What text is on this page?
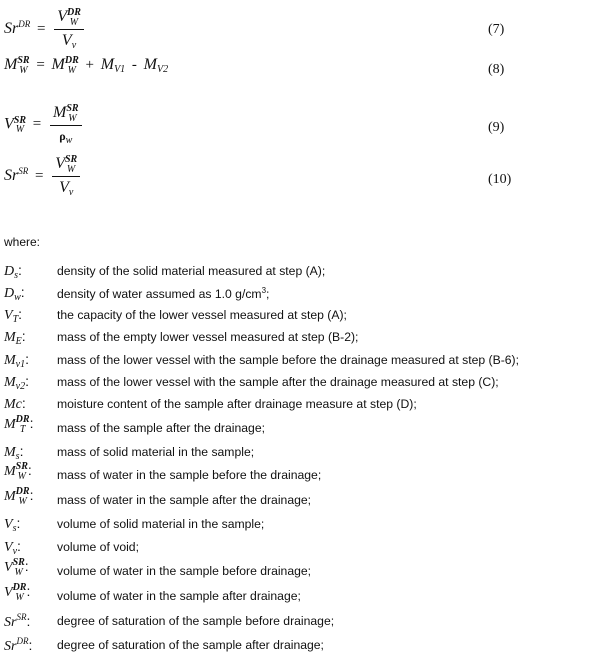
$Sr^{DR} = V$ DR
W
$V_v$	(7)
M SR
W = M DR
$W + M_{V1} - M_{V2}$	(8)
V SR
W = M SR
W
$\rho_w$	(9)
$Sr^{SR} = V$ SR
W
$V_v$	(10)
where:
$D_s$:	density of the solid material measured at step (A);
$D_w$:	density of water assumed as 1.0 $g/cm^3$;
$V_T$:	the capacity of the lower vessel measured at step (A);
$M_E$:	mass of the empty lower vessel measured at step (B-2);
$M_{v1}$: mass of the lower vessel with the sample before the drainage measured at step (B-6);
$M_{v2}$: mass of the lower vessel with the sample after the drainage measured at step (C);
Mc:	moisture content of the sample after drainage measure at step (D);
M DR
T : mass of the sample after the drainage;
$M_s$:	mass of solid material in the sample;
M SR
W : mass of water in the sample before the drainage;
M DR
W : mass of water in the sample after the drainage;
$V_s$:	volume of solid material in the sample;
$V_v$:	volume of void;
V SR
W : volume of water in the sample before drainage;
V DR
W : volume of water in the sample after drainage;
$Sr^{SR}$: degree of saturation of the sample before drainage;
$Sr^{DR}$: degree of saturation of the sample after drainage;
